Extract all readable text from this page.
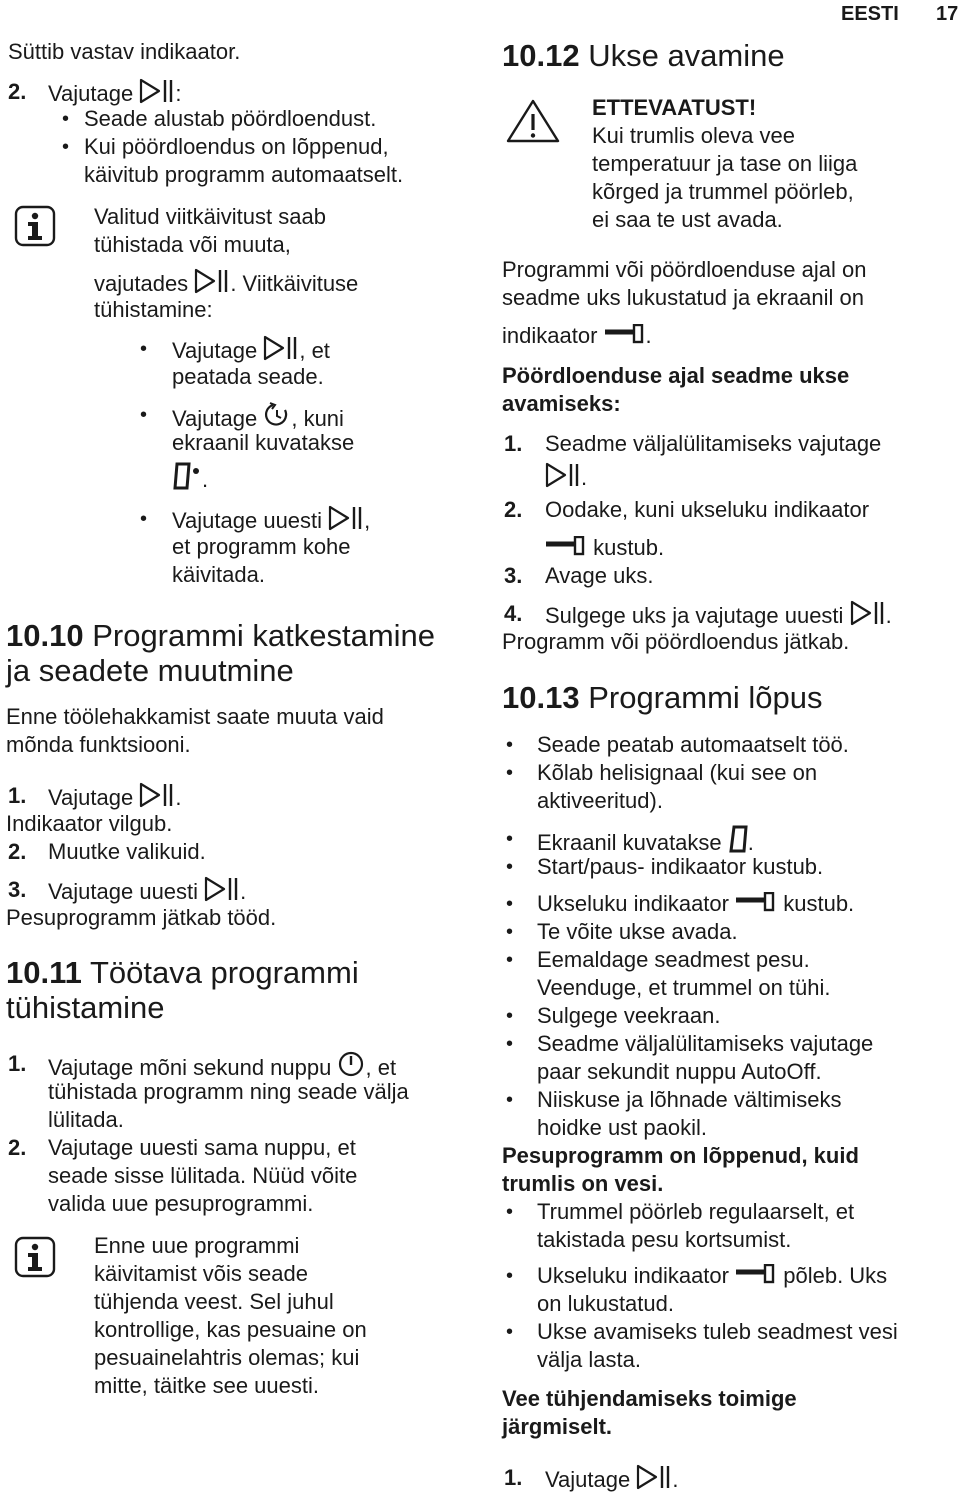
EESTI 17
Süttib vastav indikaator.
2. Vajutage :
• Seade alustab pöördloendust.
• Kui pöördloendus on lõppenud,
käivitub programm automaatselt.
Valitud viitkäivitust saab
tühistada või muuta,
vajutades . Viitkäivituse
tühistamine:
• Vajutage , et
peatada seade.
• Vajutage , kuni
ekraanil kuvatakse
.
• Vajutage uuesti ,
et programm kohe
käivitada.
10.10 Programmi katkestamine
ja seadete muutmine
Enne töölehakkamist saate muuta vaid
mõnda funktsiooni.
1. Vajutage .
Indikaator vilgub.
2. Muutke valikuid.
3. Vajutage uuesti .
Pesuprogramm jätkab tööd.
10.11 Töötava programmi
tühistamine
1. Vajutage mõni sekund nuppu , et
tühistada programm ning seade välja
lülitada.
2. Vajutage uuesti sama nuppu, et
seade sisse lülitada. Nüüd võite
valida uue pesuprogrammi.
Enne uue programmi
käivitamist võis seade
tühjenda veest. Sel juhul
kontrollige, kas pesuaine on
pesuainelahtris olemas; kui
mitte, täitke see uuesti.
10.12 Ukse avamine
ETTEVAATUST!
Kui trumlis oleva vee
temperatuur ja tase on liiga
kõrged ja trummel pöörleb,
ei saa te ust avada.
Programmi või pöördloenduse ajal on
seadme uks lukustatud ja ekraanil on
indikaator .
Pöördloenduse ajal seadme ukse
avamiseks:
1. Seadme väljalülitamiseks vajutage
.
2. Oodake, kuni ukseluku indikaator
kustub.
3. Avage uks.
4. Sulgege uks ja vajutage uuesti .
Programm või pöördloendus jätkab.
10.13 Programmi lõpus
• Seade peatab automaatselt töö.
• Kõlab helisignaal (kui see on
aktiveeritud).
• Ekraanil kuvatakse .
• Start/paus- indikaator kustub.
• Ukseluku indikaator kustub.
• Te võite ukse avada.
• Eemaldage seadmest pesu.
Veenduge, et trummel on tühi.
• Sulgege veekraan.
• Seadme väljalülitamiseks vajutage
paar sekundit nuppu AutoOff.
• Niiskuse ja lõhnade vältimiseks
hoidke ust paokil.
Pesuprogramm on lõppenud, kuid
trumlis on vesi.
• Trummel pöörleb regulaarselt, et
takistada pesu kortsumist.
• Ukseluku indikaator põleb. Uks
on lukustatud.
• Ukse avamiseks tuleb seadmest vesi
välja lasta.
Vee tühjendamiseks toimige
järgmiselt.
1. Vajutage .
